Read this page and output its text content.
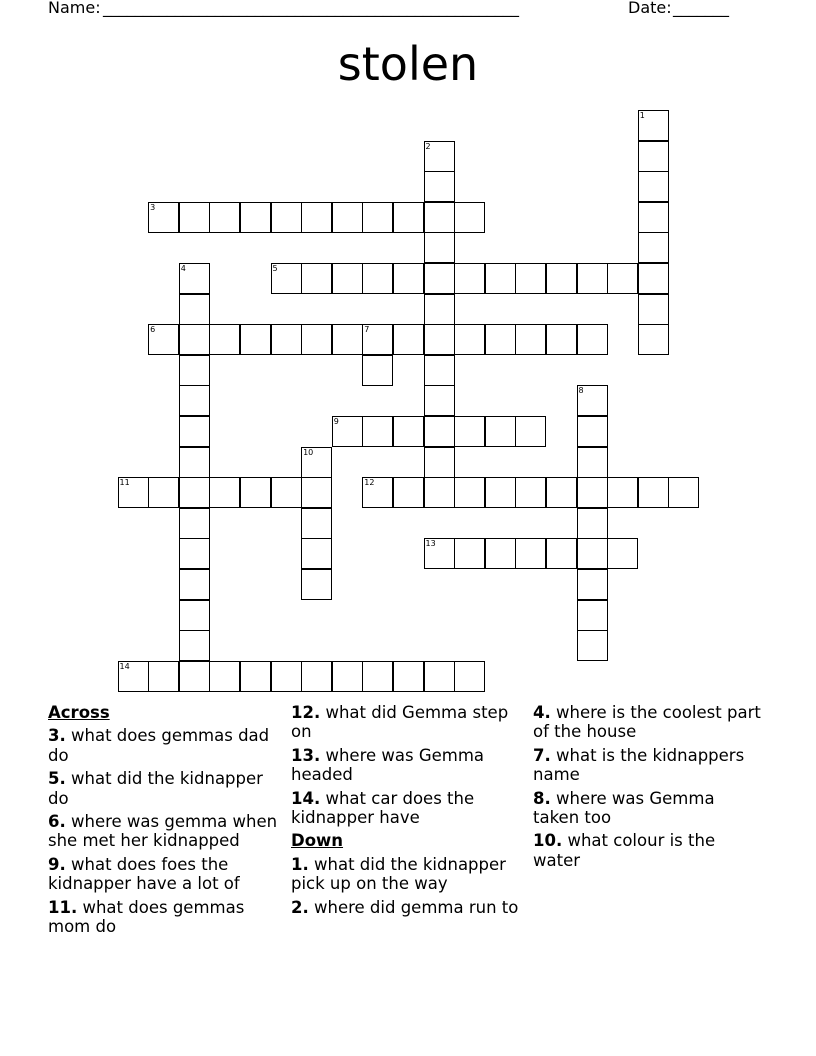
Name: ____________________________________________________	Date: _______
stolen
1
2
3
4	5
6	7
8
9
10
11	12
13
14
Across
3. what does gemmas dad do
5. what did the kidnapper do
6. where was gemma when she met her kidnapped
9. what does foes the kidnapper have a lot of
11. what does gemmas mom do
12. what did Gemma step on
13. where was Gemma headed
14. what car does the kidnapper have
Down
1. what did the kidnapper pick up on the way
2. where did gemma run to
4. where is the coolest part of the house
7. what is the kidnappers name
8. where was Gemma taken too
10. what colour is the water
